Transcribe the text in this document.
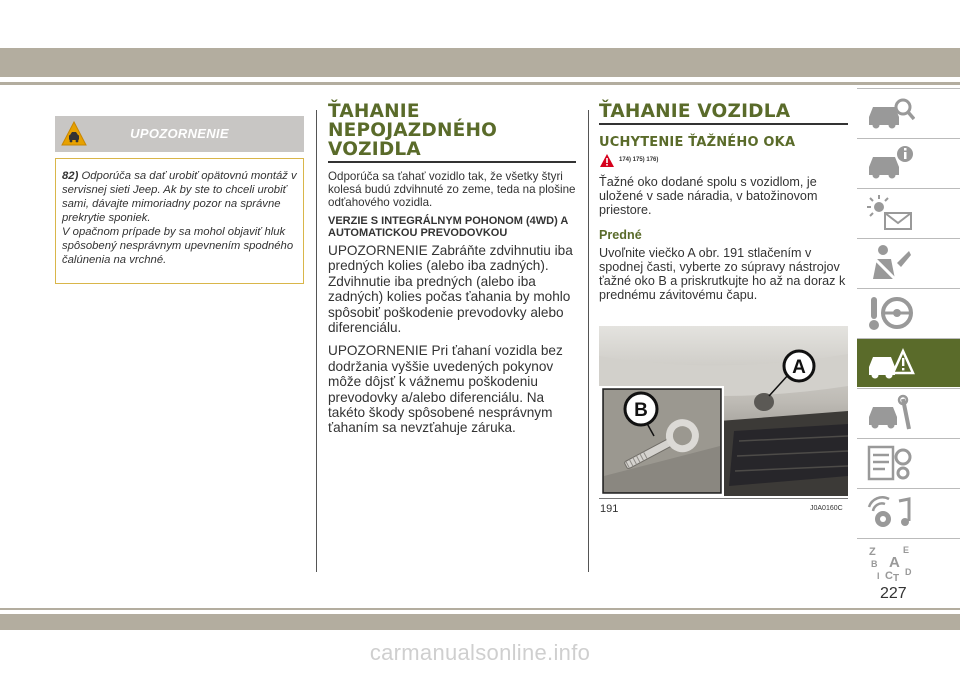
UPOZORNENIE
82) Odporúča sa dať urobiť opätovnú montáž v servisnej sieti Jeep. Ak by ste to chceli urobiť sami, dávajte mimoriadny pozor na správne prekrytie sponiek.
V opačnom prípade by sa mohol objaviť hluk spôsobený nesprávnym upevnením spodného čalúnenia na vrchné.
ŤAHANIE NEPOJAZDNÉHO VOZIDLA
Odporúča sa ťahať vozidlo tak, že všetky štyri kolesá budú zdvihnuté zo zeme, teda na plošine odťahového vozidla.
VERZIE S INTEGRÁLNYM POHONOM (4WD) A AUTOMATICKOU PREVODOVKOU
UPOZORNENIE Zabráňte zdvihnutiu iba predných kolies (alebo iba zadných). Zdvihnutie iba predných (alebo iba zadných) kolies počas ťahania by mohlo spôsobiť poškodenie prevodovky alebo diferenciálu.
UPOZORNENIE Pri ťahaní vozidla bez dodržania vyššie uvedených pokynov môže dôjsť k vážnemu poškodeniu prevodovky a/alebo diferenciálu. Na takéto škody spôsobené nesprávnym ťahaním sa nevzťahuje záruka.
ŤAHANIE VOZIDLA
UCHYTENIE ŤAŽNÉHO OKA
174) 175) 176)
Ťažné oko dodané spolu s vozidlom, je uložené v sade náradia, v batožinovom priestore.
Predné
Uvoľnite viečko A obr. 191 stlačením v spodnej časti, vyberte zo súpravy nástrojov ťažné oko B a priskrutkujte ho až na doraz k prednému závitovému čapu.
A
B
191	J0A0160C
Z	E
B A
I C T
D
227
carmanualsonline.info
